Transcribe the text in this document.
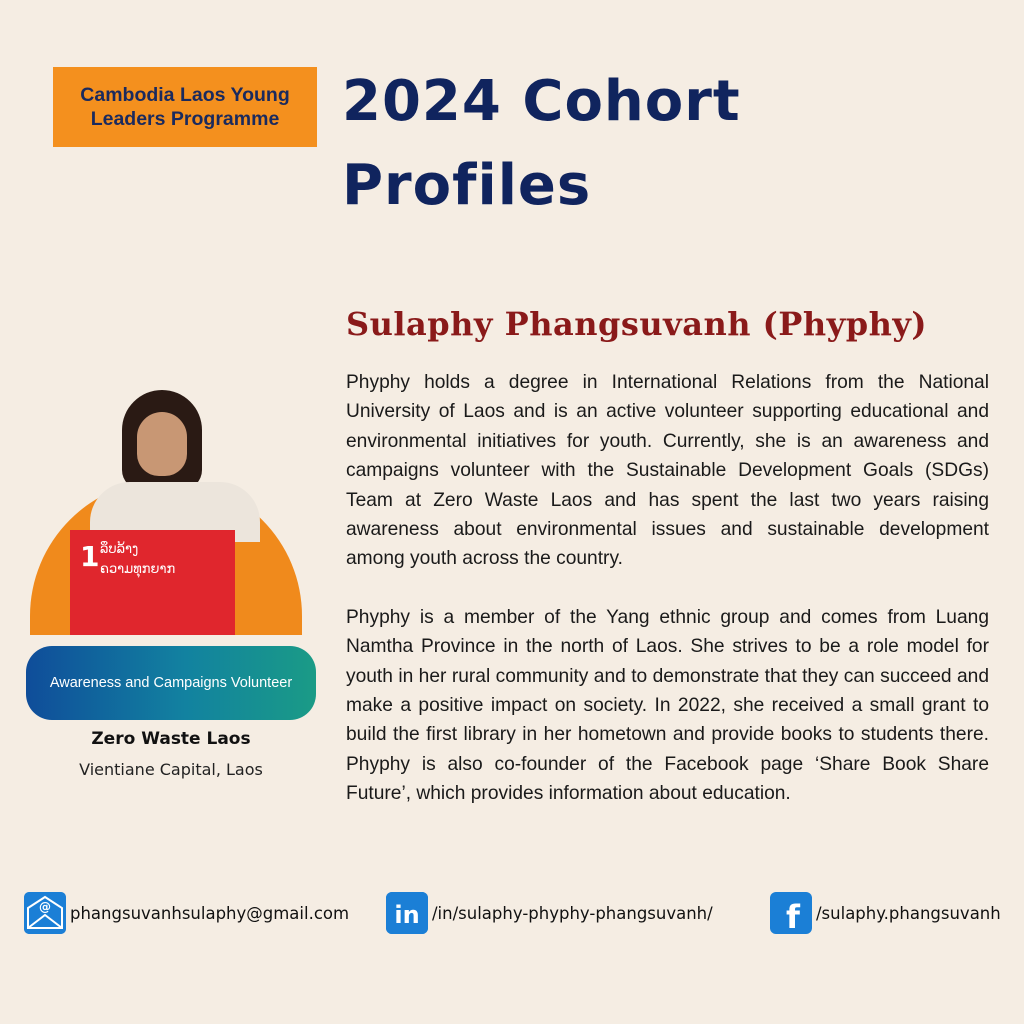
Cambodia Laos Young
Leaders Programme 2024 Cohort
Profiles
1 ລຶບລ້າງ
ຄວາມທຸກຍາກ
Awareness and Campaigns Volunteer
Zero Waste Laos
Vientiane Capital, Laos
Sulaphy Phangsuvanh (Phyphy)

Phyphy holds a degree in International Relations from the National University of Laos and is an active volunteer supporting educational and environmental initiatives for youth. Currently, she is an awareness and campaigns volunteer with the Sustainable Development Goals (SDGs) Team at Zero Waste Laos and has spent the last two years raising awareness about environmental issues and sustainable development among youth across the country.

Phyphy is a member of the Yang ethnic group and comes from Luang Namtha Province in the north of Laos. She strives to be a role model for youth in her rural community and to demonstrate that they can succeed and make a positive impact on society. In 2022, she received a small grant to build the first library in her hometown and provide books to students there. Phyphy is also co-founder of the Facebook page ‘Share Book Share Future’, which provides information about education.

@ phangsuvanhsulaphy@gmail.com in /in/sulaphy-phyphy-phangsuvanh/ f /sulaphy.phangsuvanh
